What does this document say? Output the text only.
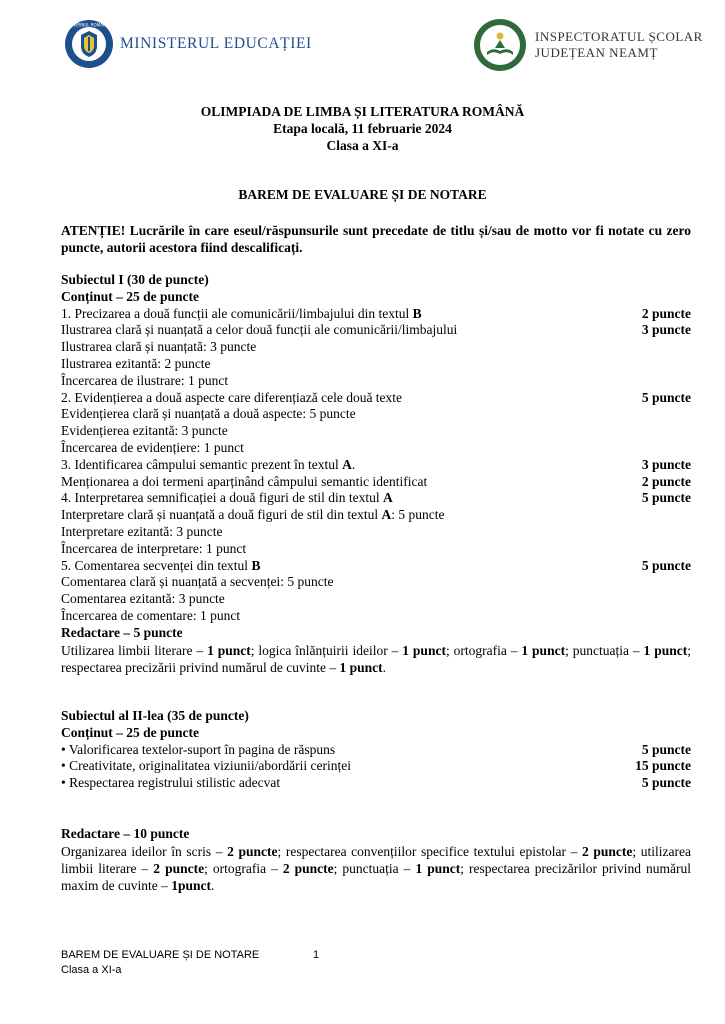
GUVERNUL ROMÂNIEI
MINISTERUL EDUCAȚIEI	INSPECTORATUL ȘCOLAR
JUDEȚEAN NEAMȚ
OLIMPIADA DE LIMBA ȘI LITERATURA ROMÂNĂ
Etapa locală, 11 februarie 2024
Clasa a XI-a
BAREM DE EVALUARE ȘI DE NOTARE
ATENȚIE! Lucrările în care eseul/răspunsurile sunt precedate de titlu și/sau de motto vor fi notate cu zero puncte, autorii acestora fiind descalificați.
Subiectul I (30 de puncte)
Conținut – 25 de puncte
1. Precizarea a două funcții ale comunicării/limbajului din textul B	2 puncte
Ilustrarea clară și nuanțată a celor două funcții ale comunicării/limbajului	3 puncte
Ilustrarea clară și nuanțată: 3 puncte
Ilustrarea ezitantă: 2 puncte
Încercarea de ilustrare: 1 punct
2. Evidențierea a două aspecte care diferențiază cele două texte	5 puncte
Evidențierea clară și nuanțată a două aspecte: 5 puncte
Evidențierea ezitantă: 3 puncte
Încercarea de evidențiere: 1 punct
3. Identificarea câmpului semantic prezent în textul A.	3 puncte
Menționarea a doi termeni aparținând câmpului semantic identificat	2 puncte
4. Interpretarea semnificației a două figuri de stil din textul A	5 puncte
Interpretare clară și nuanțată a două figuri de stil din textul A: 5 puncte
Interpretare ezitantă: 3 puncte
Încercarea de interpretare: 1 punct
5. Comentarea secvenței din textul B	5 puncte
Comentarea clară și nuanțată a secvenței: 5 puncte
Comentarea ezitantă: 3 puncte
Încercarea de comentare: 1 punct
Redactare – 5 puncte
Utilizarea limbii literare – 1 punct; logica înlănțuirii ideilor – 1 punct; ortografia – 1 punct; punctuația – 1 punct; respectarea precizării privind numărul de cuvinte – 1 punct.
Subiectul al II-lea (35 de puncte)
Conținut – 25 de puncte
• Valorificarea textelor-suport în pagina de răspuns	5 puncte
• Creativitate, originalitatea viziunii/abordării cerinței	15 puncte
• Respectarea registrului stilistic adecvat	5 puncte
Redactare – 10 puncte
Organizarea ideilor în scris – 2 puncte; respectarea convențiilor specifice textului epistolar – 2 puncte; utilizarea limbii literare – 2 puncte; ortografia – 2 puncte; punctuația – 1 punct; respectarea precizărilor privind numărul maxim de cuvinte – 1punct.
BAREM DE EVALUARE ȘI DE NOTARE	1
Clasa a XI-a
